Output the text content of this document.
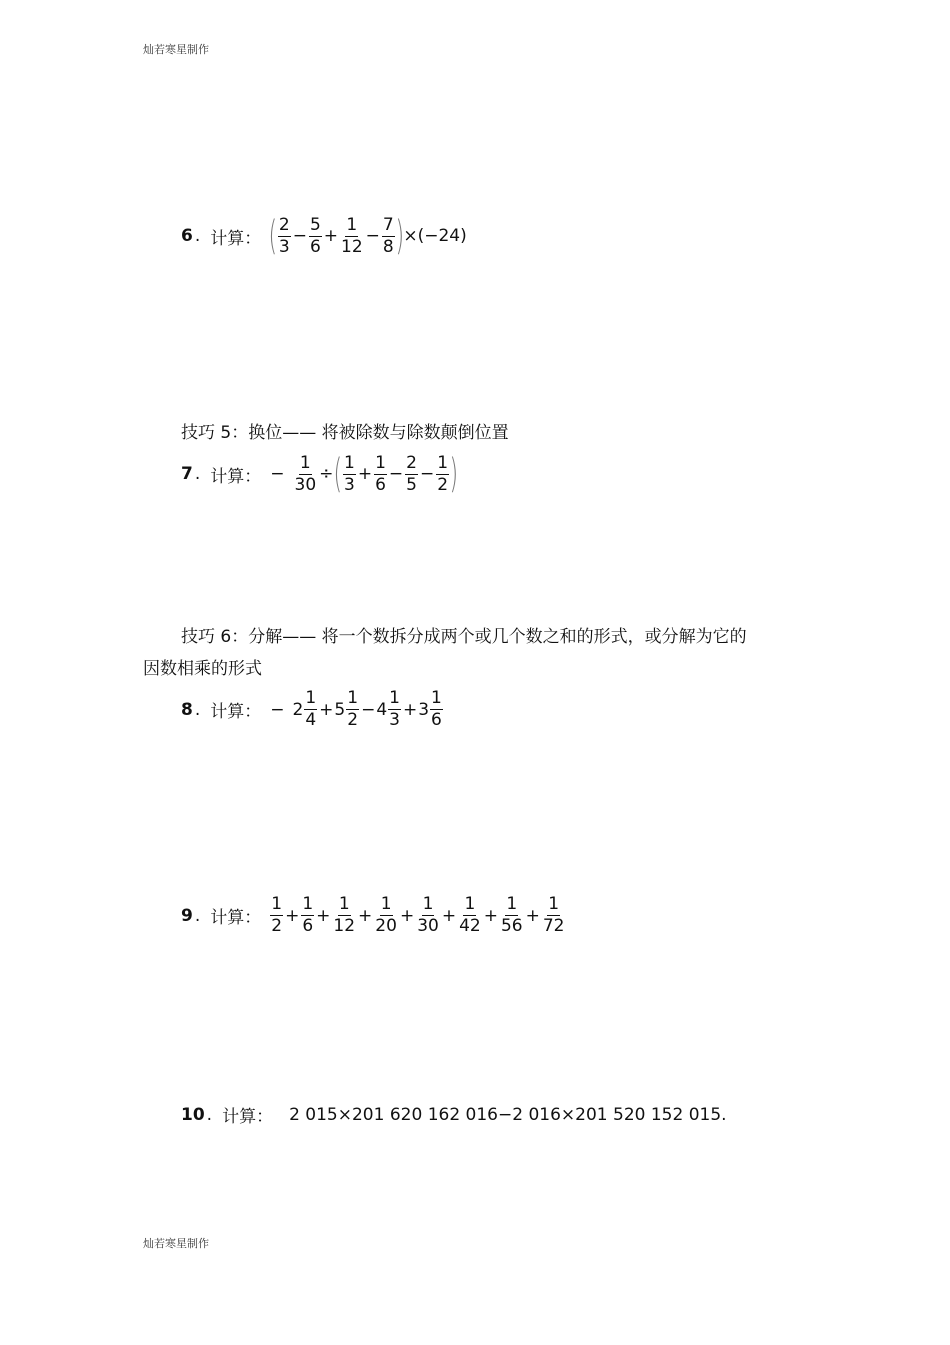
灿若寒星制作
6 . 计算： ( $\frac{2}{3} - \frac{5}{6} + \frac{1}{12} - \frac{7}{8}$ ) ×(−24)
技巧 5：换位—— 将被除数与除数颠倒位置
7 . 计算： − $\frac{1}{30}$ ÷ ( $\frac{1}{3} + \frac{1}{6} - \frac{2}{5} - \frac{1}{2}$ )
技巧 6：分解—— 将一个数拆分成两个或几个数之和的形式，或分解为它的
因数相乘的形式
8 . 计算： − $2 \frac{1}{4} + 5 \frac{1}{2} - 4 \frac{1}{3} + 3 \frac{1}{6}$
9 . 计算： $\frac{1}{2} + \frac{1}{6} + \frac{1}{12} + \frac{1}{20} + \frac{1}{30} + \frac{1}{42} + \frac{1}{56} + \frac{1}{72}$
10 . 计算： 2 015×201 620 162 016−2 016×201 520 152 015.
灿若寒星制作
